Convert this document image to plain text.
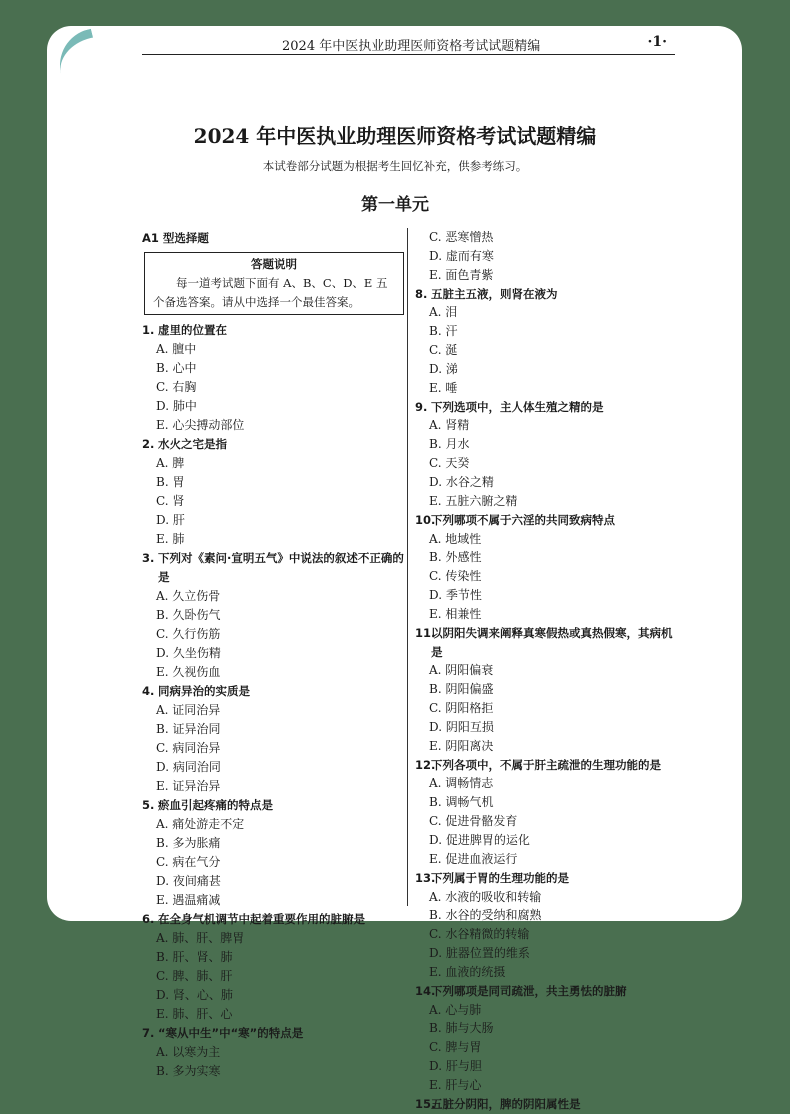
2024 年中医执业助理医师资格考试试题精编	·1·
2024 年中医执业助理医师资格考试试题精编
本试卷部分试题为根据考生回忆补充，供参考练习。
第一单元
A1 型选择题
答题说明
每一道考试题下面有 A、B、C、D、E 五个备选答案。请从中选择一个最佳答案。
1. 虚里的位置在
A. 膻中
B. 心中
C. 右胸
D. 肺中
E. 心尖搏动部位
2. 水火之宅是指
A. 脾
B. 胃
C. 肾
D. 肝
E. 肺
3. 下列对《素问·宣明五气》中说法的叙述不正确的是
A. 久立伤骨
B. 久卧伤气
C. 久行伤筋
D. 久坐伤精
E. 久视伤血
4. 同病异治的实质是
A. 证同治异
B. 证异治同
C. 病同治异
D. 病同治同
E. 证异治异
5. 瘀血引起疼痛的特点是
A. 痛处游走不定
B. 多为胀痛
C. 病在气分
D. 夜间痛甚
E. 遇温痛减
6. 在全身气机调节中起着重要作用的脏腑是
A. 肺、肝、脾胃
B. 肝、肾、肺
C. 脾、肺、肝
D. 肾、心、肺
E. 肺、肝、心
7. “寒从中生”中“寒”的特点是
A. 以寒为主
B. 多为实寒
C. 恶寒憎热
D. 虚而有寒
E. 面色青紫
8. 五脏主五液，则肾在液为
A. 泪
B. 汗
C. 涎
D. 涕
E. 唾
9. 下列选项中，主人体生殖之精的是
A. 肾精
B. 月水
C. 天癸
D. 水谷之精
E. 五脏六腑之精
10.下列哪项不属于六淫的共同致病特点
A. 地域性
B. 外感性
C. 传染性
D. 季节性
E. 相兼性
11.以阴阳失调来阐释真寒假热或真热假寒，其病机是
A. 阴阳偏衰
B. 阴阳偏盛
C. 阴阳格拒
D. 阴阳互损
E. 阴阳离决
12.下列各项中，不属于肝主疏泄的生理功能的是
A. 调畅情志
B. 调畅气机
C. 促进骨骼发育
D. 促进脾胃的运化
E. 促进血液运行
13.下列属于胃的生理功能的是
A. 水液的吸收和转输
B. 水谷的受纳和腐熟
C. 水谷精微的转输
D. 脏器位置的维系
E. 血液的统摄
14.下列哪项是同司疏泄，共主勇怯的脏腑
A. 心与肺
B. 肺与大肠
C. 脾与胃
D. 肝与胆
E. 肝与心
15.五脏分阴阳，脾的阴阳属性是
